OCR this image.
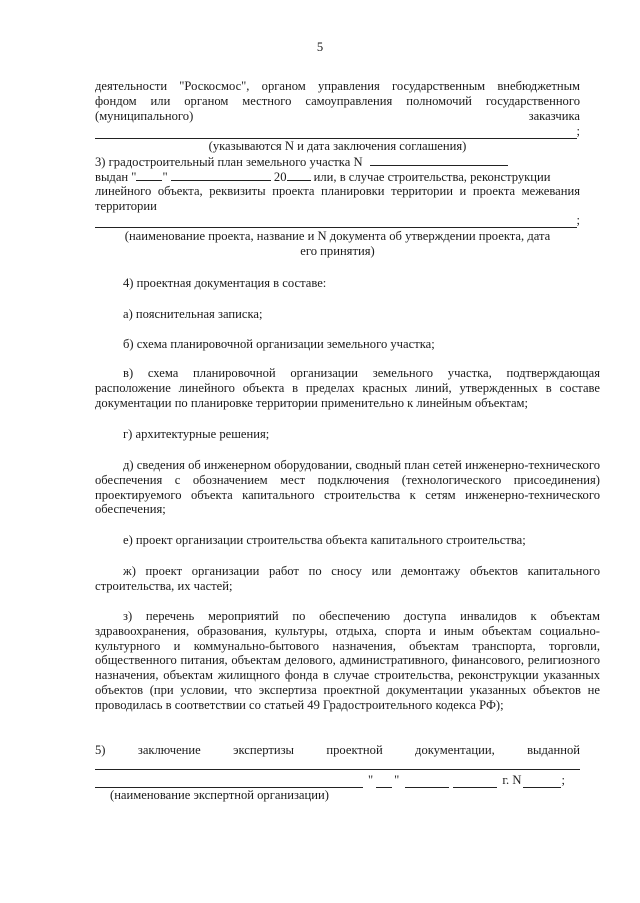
5
деятельности "Роскосмос", органом управления государственным внебюджетным
фондом или органом местного самоуправления полномочий государственного
(муниципального)	заказчика
;
(указываются N и дата заключения соглашения)
3) градостроительный план земельного участка N
выдан " "	20 или, в случае строительства, реконструкции
линейного объекта, реквизиты проекта планировки территории и проекта межевания
территории
;
(наименование проекта, название и N документа об утверждении проекта, дата
его принятия)
4) проектная документация в составе:
а) пояснительная записка;
б) схема планировочной организации земельного участка;
в) схема планировочной организации земельного участка, подтверждающая расположение линейного объекта в пределах красных линий, утвержденных в составе документации по планировке территории применительно к линейным объектам;
г) архитектурные решения;
д) сведения об инженерном оборудовании, сводный план сетей инженерно-технического обеспечения с обозначением мест подключения (технологического присоединения) проектируемого объекта капитального строительства к сетям инженерно-технического обеспечения;
е) проект организации строительства объекта капитального строительства;
ж) проект организации работ по сносу или демонтажу объектов капитального строительства, их частей;
з) перечень мероприятий по обеспечению доступа инвалидов к объектам здравоохранения, образования, культуры, отдыха, спорта и иным объектам социально-культурного и коммунально-бытового назначения, объектам транспорта, торговли, общественного питания, объектам делового, административного, финансового, религиозного назначения, объектам жилищного фонда в случае строительства, реконструкции указанных объектов (при условии, что экспертиза проектной документации указанных объектов не проводилась в соответствии со статьей 49 Градостроительного кодекса РФ);
5)	заключение	экспертизы	проектной	документации,	выданной
" "	г. N	;
(наименование экспертной организации)
